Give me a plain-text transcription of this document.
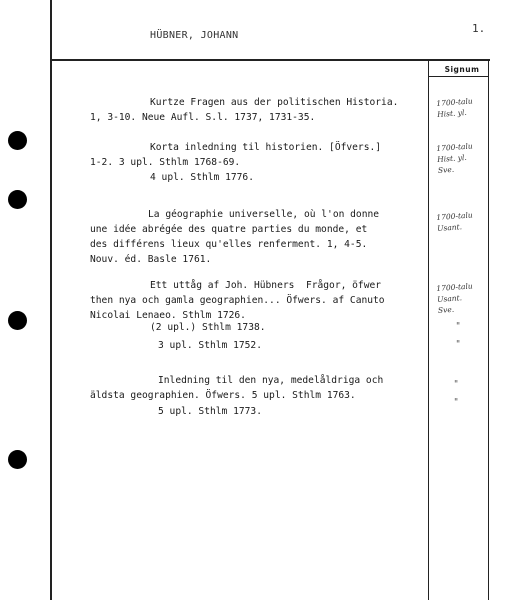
HÜBNER, JOHANN
1.
Signum
Kurtze Fragen aus der politischen Historia.
1, 3-10. Neue Aufl. S.l. 1737, 1731-35.
Korta inledning til historien. [Öfvers.]
1-2. 3 upl. Sthlm 1768-69.
4 upl. Sthlm 1776.
La géographie universelle, où l'on donne
une idée abrégée des quatre parties du monde, et
des différens lieux qu'elles renferment. 1, 4-5.
Nouv. éd. Basle 1761.
Ett uttåg af Joh. Hübners  Frågor, öfwer
then nya och gamla geographien... Öfwers. af Canuto
Nicolai Lenaeo. Sthlm 1726.
(2 upl.) Sthlm 1738.
3 upl. Sthlm 1752.
Inledning til den nya, medelåldriga och
äldsta geographien. Öfwers. 5 upl. Sthlm 1763.
5 upl. Sthlm 1773.
1700-talu
Hist. yl.
1700-talu
Hist. yl.
Sve.
1700-talu
Usant.
1700-talu
Usant.
Sve.
"
"
"
"
